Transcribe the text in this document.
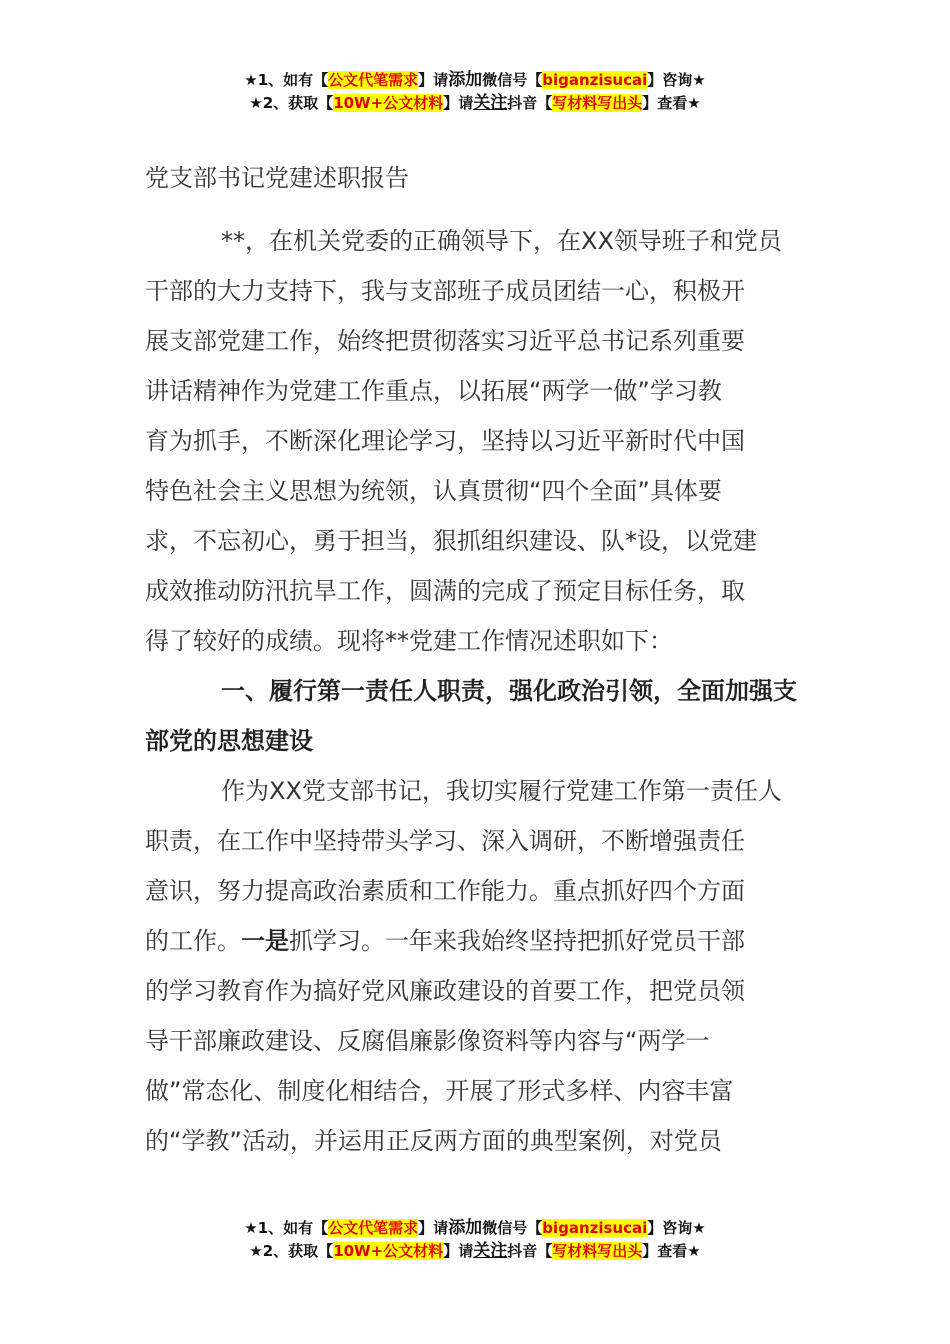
★1、如有【公文代笔需求】请添加微信号【biganzisucai】咨询★
★2、获取【10W+公文材料】请关注抖音【写材料写出头】查看★
党支部书记党建述职报告
**，在机关党委的正确领导下，在XX领导班子和党员
干部的大力支持下，我与支部班子成员团结一心，积极开
展支部党建工作，始终把贯彻落实习近平总书记系列重要
讲话精神作为党建工作重点，以拓展“两学一做”学习教
育为抓手，不断深化理论学习，坚持以习近平新时代中国
特色社会主义思想为统领，认真贯彻“四个全面”具体要
求，不忘初心，勇于担当，狠抓组织建设、队*设，以党建
成效推动防汛抗旱工作，圆满的完成了预定目标任务，取
得了较好的成绩。现将**党建工作情况述职如下：
一、履行第一责任人职责，强化政治引领，全面加强支
部党的思想建设
作为XX党支部书记，我切实履行党建工作第一责任人
职责，在工作中坚持带头学习、深入调研，不断增强责任
意识，努力提高政治素质和工作能力。重点抓好四个方面
的工作。一是抓学习。一年来我始终坚持把抓好党员干部
的学习教育作为搞好党风廉政建设的首要工作，把党员领
导干部廉政建设、反腐倡廉影像资料等内容与“两学一
做”常态化、制度化相结合，开展了形式多样、内容丰富
的“学教”活动，并运用正反两方面的典型案例，对党员
★1、如有【公文代笔需求】请添加微信号【biganzisucai】咨询★
★2、获取【10W+公文材料】请关注抖音【写材料写出头】查看★
